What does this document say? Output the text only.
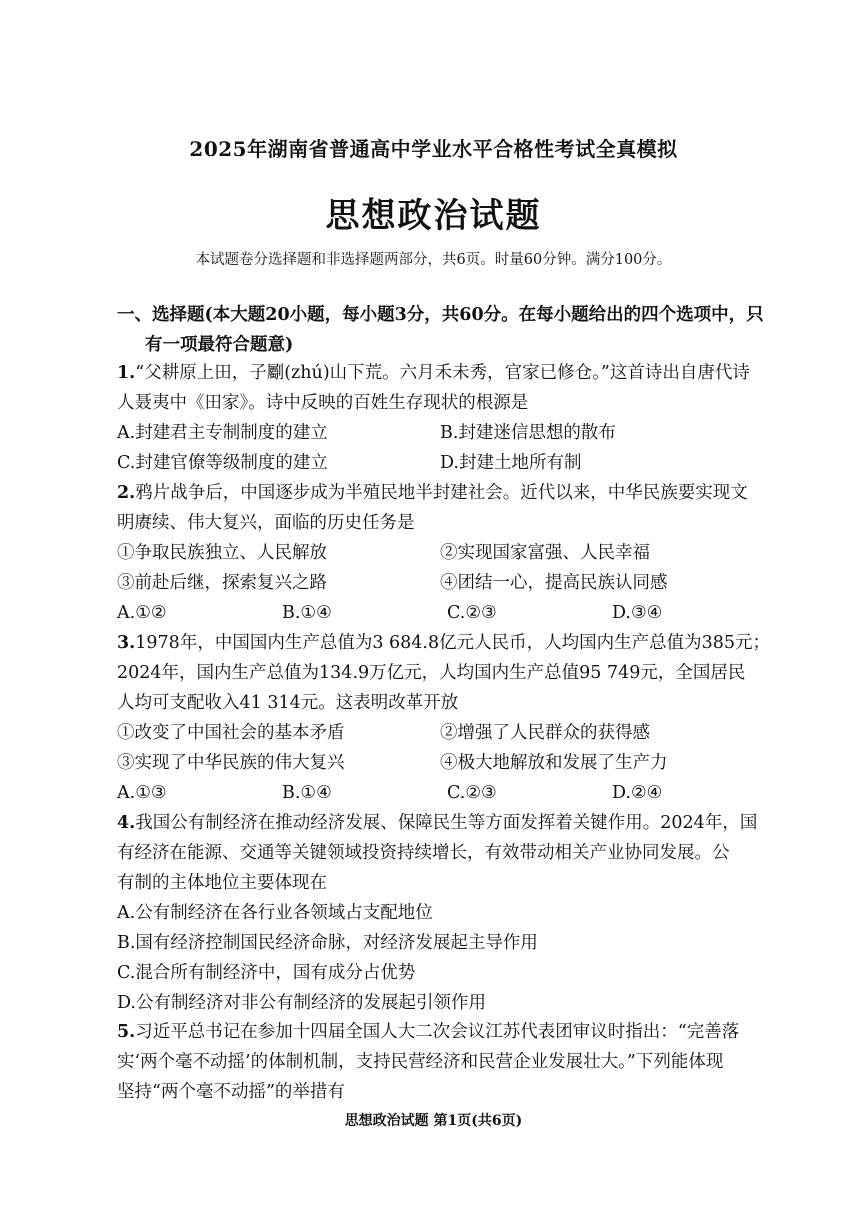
2025年湖南省普通高中学业水平合格性考试全真模拟
思想政治试题
本试题卷分选择题和非选择题两部分，共6页。时量60分钟。满分100分。
一、选择题(本大题20小题，每小题3分，共60分。在每小题给出的四个选项中，只
有一项最符合题意)
1.“父耕原上田，子劚(zhú)山下荒。六月禾未秀，官家已修仓。”这首诗出自唐代诗
人聂夷中《田家》。诗中反映的百姓生存现状的根源是
A.封建君主专制制度的建立	B.封建迷信思想的散布
C.封建官僚等级制度的建立	D.封建土地所有制
2.鸦片战争后，中国逐步成为半殖民地半封建社会。近代以来，中华民族要实现文
明赓续、伟大复兴，面临的历史任务是
①争取民族独立、人民解放	②实现国家富强、人民幸福
③前赴后继，探索复兴之路	④团结一心，提高民族认同感
A.①②	B.①④	C.②③	D.③④
3.1978年，中国国内生产总值为3 684.8亿元人民币，人均国内生产总值为385元；
2024年，国内生产总值为134.9万亿元，人均国内生产总值95 749元，全国居民
人均可支配收入41 314元。这表明改革开放
①改变了中国社会的基本矛盾	②增强了人民群众的获得感
③实现了中华民族的伟大复兴	④极大地解放和发展了生产力
A.①③	B.①④	C.②③	D.②④
4.我国公有制经济在推动经济发展、保障民生等方面发挥着关键作用。2024年，国
有经济在能源、交通等关键领域投资持续增长，有效带动相关产业协同发展。公
有制的主体地位主要体现在
A.公有制经济在各行业各领域占支配地位
B.国有经济控制国民经济命脉，对经济发展起主导作用
C.混合所有制经济中，国有成分占优势
D.公有制经济对非公有制经济的发展起引领作用
5.习近平总书记在参加十四届全国人大二次会议江苏代表团审议时指出：“完善落
实‘两个毫不动摇’的体制机制，支持民营经济和民营企业发展壮大。”下列能体现
坚持“两个毫不动摇”的举措有
思想政治试题 第1页(共6页)
